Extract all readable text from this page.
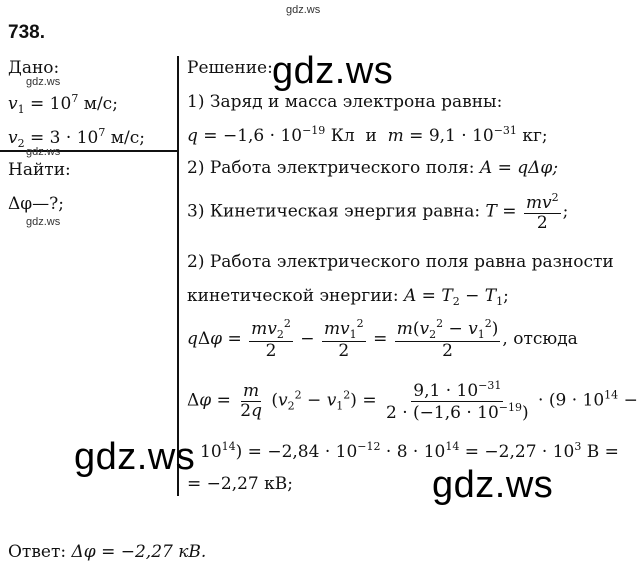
gdz.ws
738.
Дано:
gdz.ws
$v_1 = 10^7$ м/с;
$v_2 = 3 \cdot 10^7$ м/с;
gdz.ws
Найти:
Δφ—?;
gdz.ws
Решение: gdz.ws
1) Заряд и масса электрона равны:
$q = -1,6 \cdot 10^{-19}$ Кл и $m = 9,1 \cdot 10^{-31}$ кг;
2) Работа электрического поля: A = qΔφ;
3) Кинетическая энергия равна: $T = \frac{mv^2}{2}$ ;
2) Работа электрического поля равна разности
кинетической энергии: $A = T_2 - T_1$;
$q\Delta\varphi = \frac{mv_2^2}{2} - \frac{mv_1^2}{2} = \frac{m(v_2^2 - v_1^2)}{2}$ , отсюда
$\Delta\varphi = \frac{m}{2q} (v_2^2 - v_1^2) = \frac{9,1 \cdot 10^{-31}}{2 \cdot (-1,6 \cdot 10^{-19})} \cdot (9 \cdot 10^{14}$ −
$10^{14}) = -2,84 \cdot 10^{-12} \cdot 8 \cdot 10^{14} = -2,27 \cdot 10^3$ В =
= −2,27 кВ;
gdz.ws
gdz.ws
Ответ: Δφ = −2,27 кВ.
